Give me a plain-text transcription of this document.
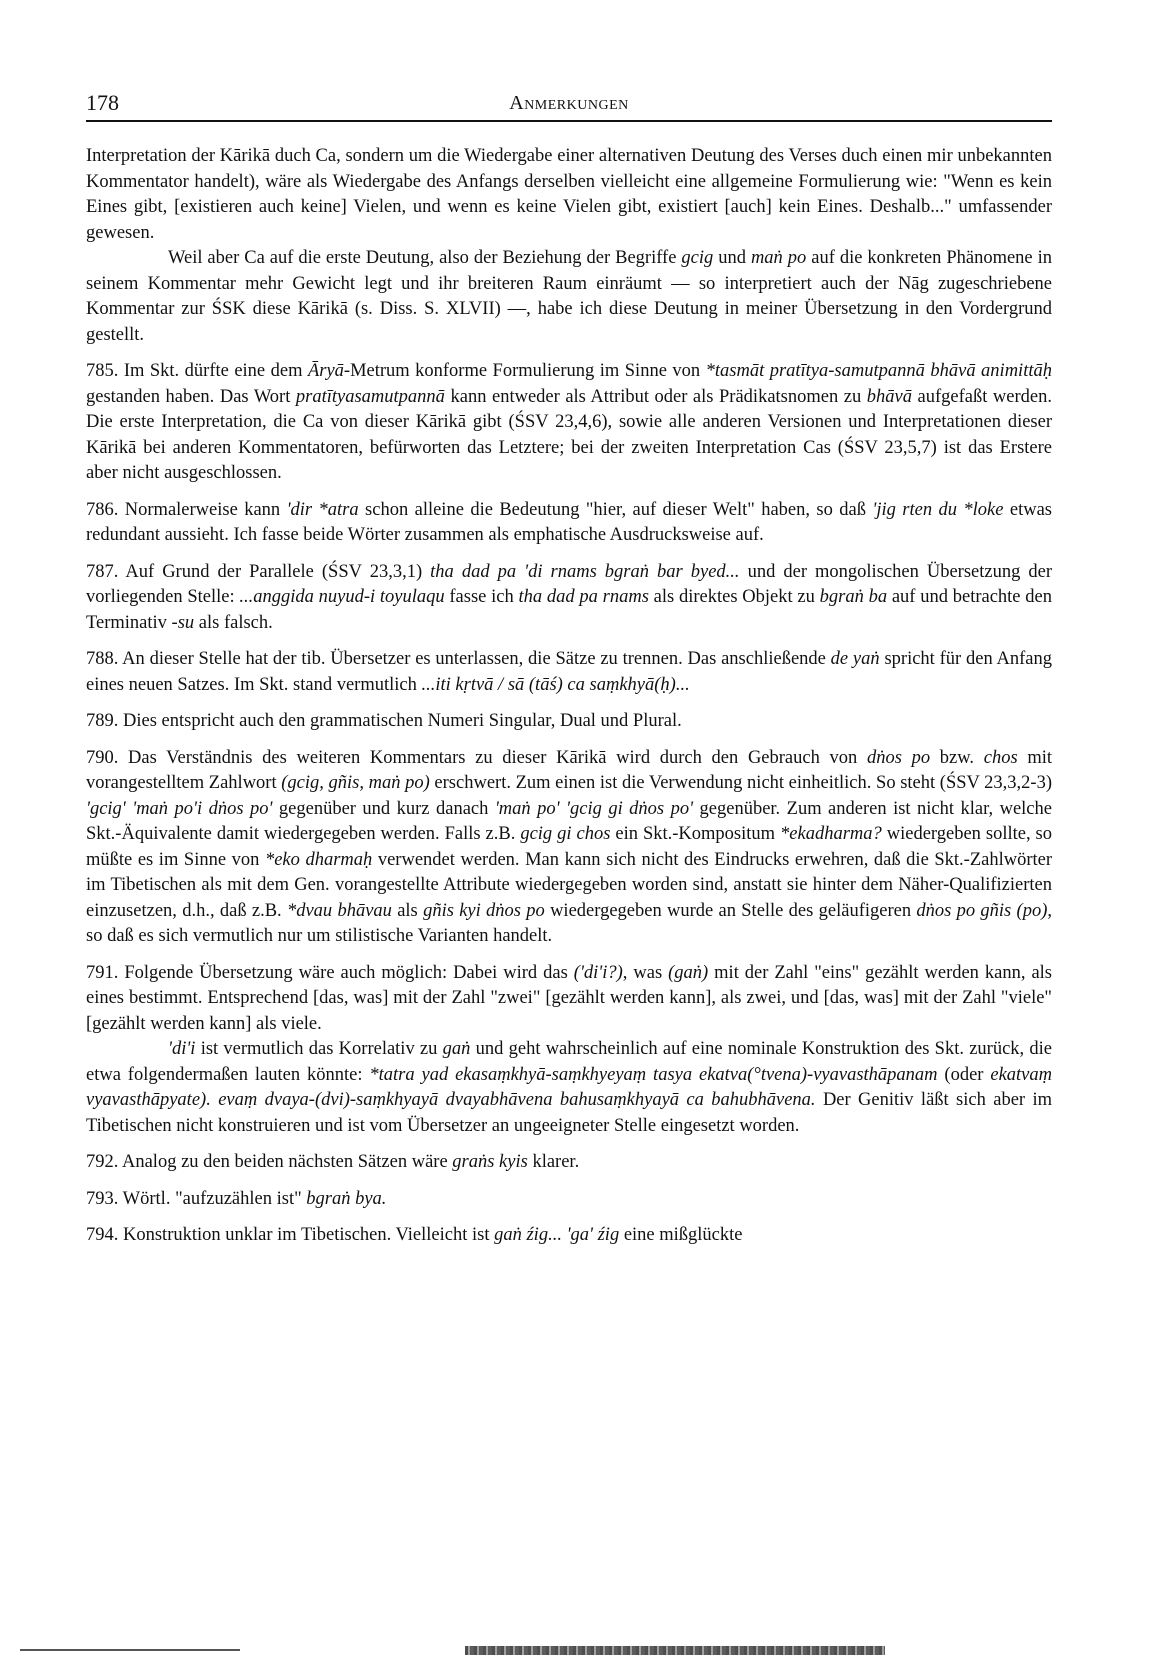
178	Anmerkungen

Interpretation der Kārikā duch Ca, sondern um die Wiedergabe einer alternativen Deutung des Verses duch einen mir unbekannten Kommentator handelt), wäre als Wiedergabe des Anfangs derselben vielleicht eine allgemeine Formulierung wie: "Wenn es kein Eines gibt, [existieren auch keine] Vielen, und wenn es keine Vielen gibt, existiert [auch] kein Eines. Deshalb..." umfassender gewesen.

Weil aber Ca auf die erste Deutung, also der Beziehung der Begriffe gcig und maṅ po auf die konkreten Phänomene in seinem Kommentar mehr Gewicht legt und ihr breiteren Raum einräumt — so interpretiert auch der Nāg zugeschriebene Kommentar zur ŚSK diese Kārikā (s. Diss. S. XLVII) —, habe ich diese Deutung in meiner Übersetzung in den Vordergrund gestellt.

785. Im Skt. dürfte eine dem Āryā-Metrum konforme Formulierung im Sinne von *tasmāt pratītya-samutpannā bhāvā animittāḥ gestanden haben. Das Wort pratītyasamutpannā kann entweder als Attribut oder als Prädikatsnomen zu bhāvā aufgefaßt werden. Die erste Interpretation, die Ca von dieser Kārikā gibt (ŚSV 23,4,6), sowie alle anderen Versionen und Interpretationen dieser Kārikā bei anderen Kommentatoren, befürworten das Letztere; bei der zweiten Interpretation Cas (ŚSV 23,5,7) ist das Erstere aber nicht ausgeschlossen.

786. Normalerweise kann 'dir *atra schon alleine die Bedeutung "hier, auf dieser Welt" haben, so daß 'jig rten du *loke etwas redundant aussieht. Ich fasse beide Wörter zusammen als emphatische Ausdrucksweise auf.

787. Auf Grund der Parallele (ŚSV 23,3,1) tha dad pa 'di rnams bgraṅ bar byed... und der mongolischen Übersetzung der vorliegenden Stelle: ...anggida nuyud-i toyulaqu fasse ich tha dad pa rnams als direktes Objekt zu bgraṅ ba auf und betrachte den Terminativ -su als falsch.

788. An dieser Stelle hat der tib. Übersetzer es unterlassen, die Sätze zu trennen. Das anschließende de yaṅ spricht für den Anfang eines neuen Satzes. Im Skt. stand vermutlich ...iti kṛtvā / sā (tāś) ca saṃkhyā(ḥ)...

789. Dies entspricht auch den grammatischen Numeri Singular, Dual und Plural.

790. Das Verständnis des weiteren Kommentars zu dieser Kārikā wird durch den Gebrauch von dṅos po bzw. chos mit vorangestelltem Zahlwort (gcig, gñis, maṅ po) erschwert. Zum einen ist die Verwendung nicht einheitlich. So steht (ŚSV 23,3,2-3) 'gcig' 'maṅ po'i dṅos po' gegenüber und kurz danach 'maṅ po' 'gcig gi dṅos po' gegenüber. Zum anderen ist nicht klar, welche Skt.-Äquivalente damit wiedergegeben werden. Falls z.B. gcig gi chos ein Skt.-Kompositum *ekadharma? wiedergeben sollte, so müßte es im Sinne von *eko dharmaḥ verwendet werden. Man kann sich nicht des Eindrucks erwehren, daß die Skt.-Zahlwörter im Tibetischen als mit dem Gen. vorangestellte Attribute wiedergegeben worden sind, anstatt sie hinter dem Näher-Qualifizierten einzusetzen, d.h., daß z.B. *dvau bhāvau als gñis kyi dṅos po wiedergegeben wurde an Stelle des geläufigeren dṅos po gñis (po), so daß es sich vermutlich nur um stilistische Varianten handelt.

791. Folgende Übersetzung wäre auch möglich: Dabei wird das ('di'i?), was (gaṅ) mit der Zahl "eins" gezählt werden kann, als eines bestimmt. Entsprechend [das, was] mit der Zahl "zwei" [gezählt werden kann], als zwei, und [das, was] mit der Zahl "viele" [gezählt werden kann] als viele.

'di'i ist vermutlich das Korrelativ zu gaṅ und geht wahrscheinlich auf eine nominale Konstruktion des Skt. zurück, die etwa folgendermaßen lauten könnte: *tatra yad ekasaṃkhyā-saṃkhyeyaṃ tasya ekatva(°tvena)-vyavasthāpanam (oder ekatvaṃ vyavasthāpyate). evaṃ dvaya-(dvi)-saṃkhyayā dvayabhāvena bahusaṃkhyayā ca bahubhāvena. Der Genitiv läßt sich aber im Tibetischen nicht konstruieren und ist vom Übersetzer an ungeeigneter Stelle eingesetzt worden.

792. Analog zu den beiden nächsten Sätzen wäre graṅs kyis klarer.

793. Wörtl. "aufzuzählen ist" bgraṅ bya.

794. Konstruktion unklar im Tibetischen. Vielleicht ist gaṅ źig... 'ga' źig eine mißglückte
